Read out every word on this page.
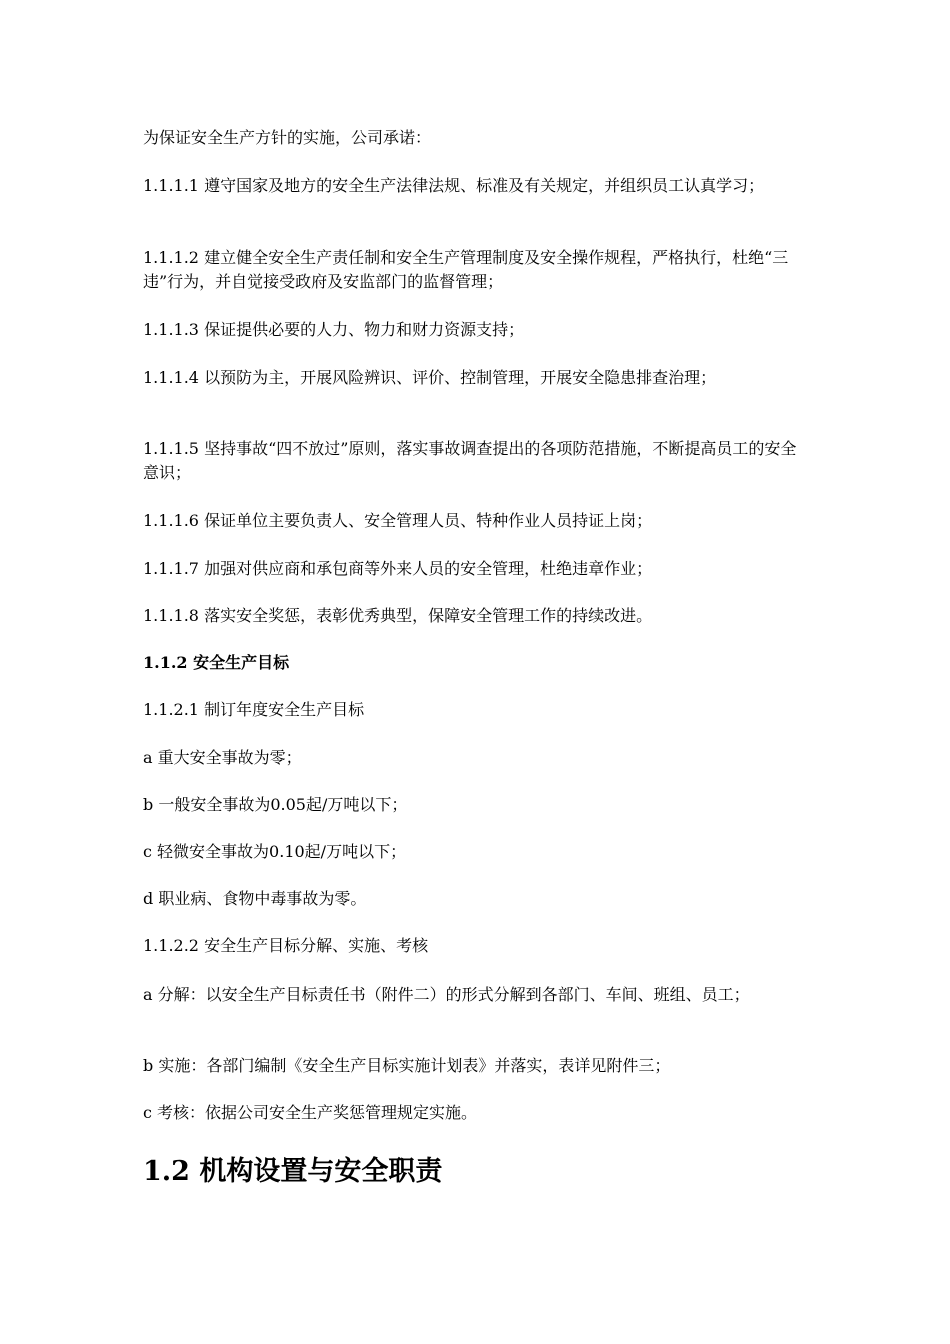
为保证安全生产方针的实施，公司承诺：

1.1.1.1 遵守国家及地方的安全生产法律法规、标准及有关规定，并组织员工认真学习；

1.1.1.2 建立健全安全生产责任制和安全生产管理制度及安全操作规程，严格执行，杜绝“三违”行为，并自觉接受政府及安监部门的监督管理；

1.1.1.3 保证提供必要的人力、物力和财力资源支持；

1.1.1.4 以预防为主，开展风险辨识、评价、控制管理，开展安全隐患排查治理；

1.1.1.5 坚持事故“四不放过”原则，落实事故调查提出的各项防范措施，不断提高员工的安全意识；

1.1.1.6 保证单位主要负责人、安全管理人员、特种作业人员持证上岗；

1.1.1.7 加强对供应商和承包商等外来人员的安全管理，杜绝违章作业；

1.1.1.8 落实安全奖惩，表彰优秀典型，保障安全管理工作的持续改进。

1.1.2 安全生产目标

1.1.2.1 制订年度安全生产目标

a 重大安全事故为零；

b 一般安全事故为0.05起/万吨以下；

c 轻微安全事故为0.10起/万吨以下；

d 职业病、食物中毒事故为零。

1.1.2.2 安全生产目标分解、实施、考核

a 分解：以安全生产目标责任书（附件二）的形式分解到各部门、车间、班组、员工；

b 实施：各部门编制《安全生产目标实施计划表》并落实，表详见附件三；

c 考核：依据公司安全生产奖惩管理规定实施。

1.2 机构设置与安全职责
